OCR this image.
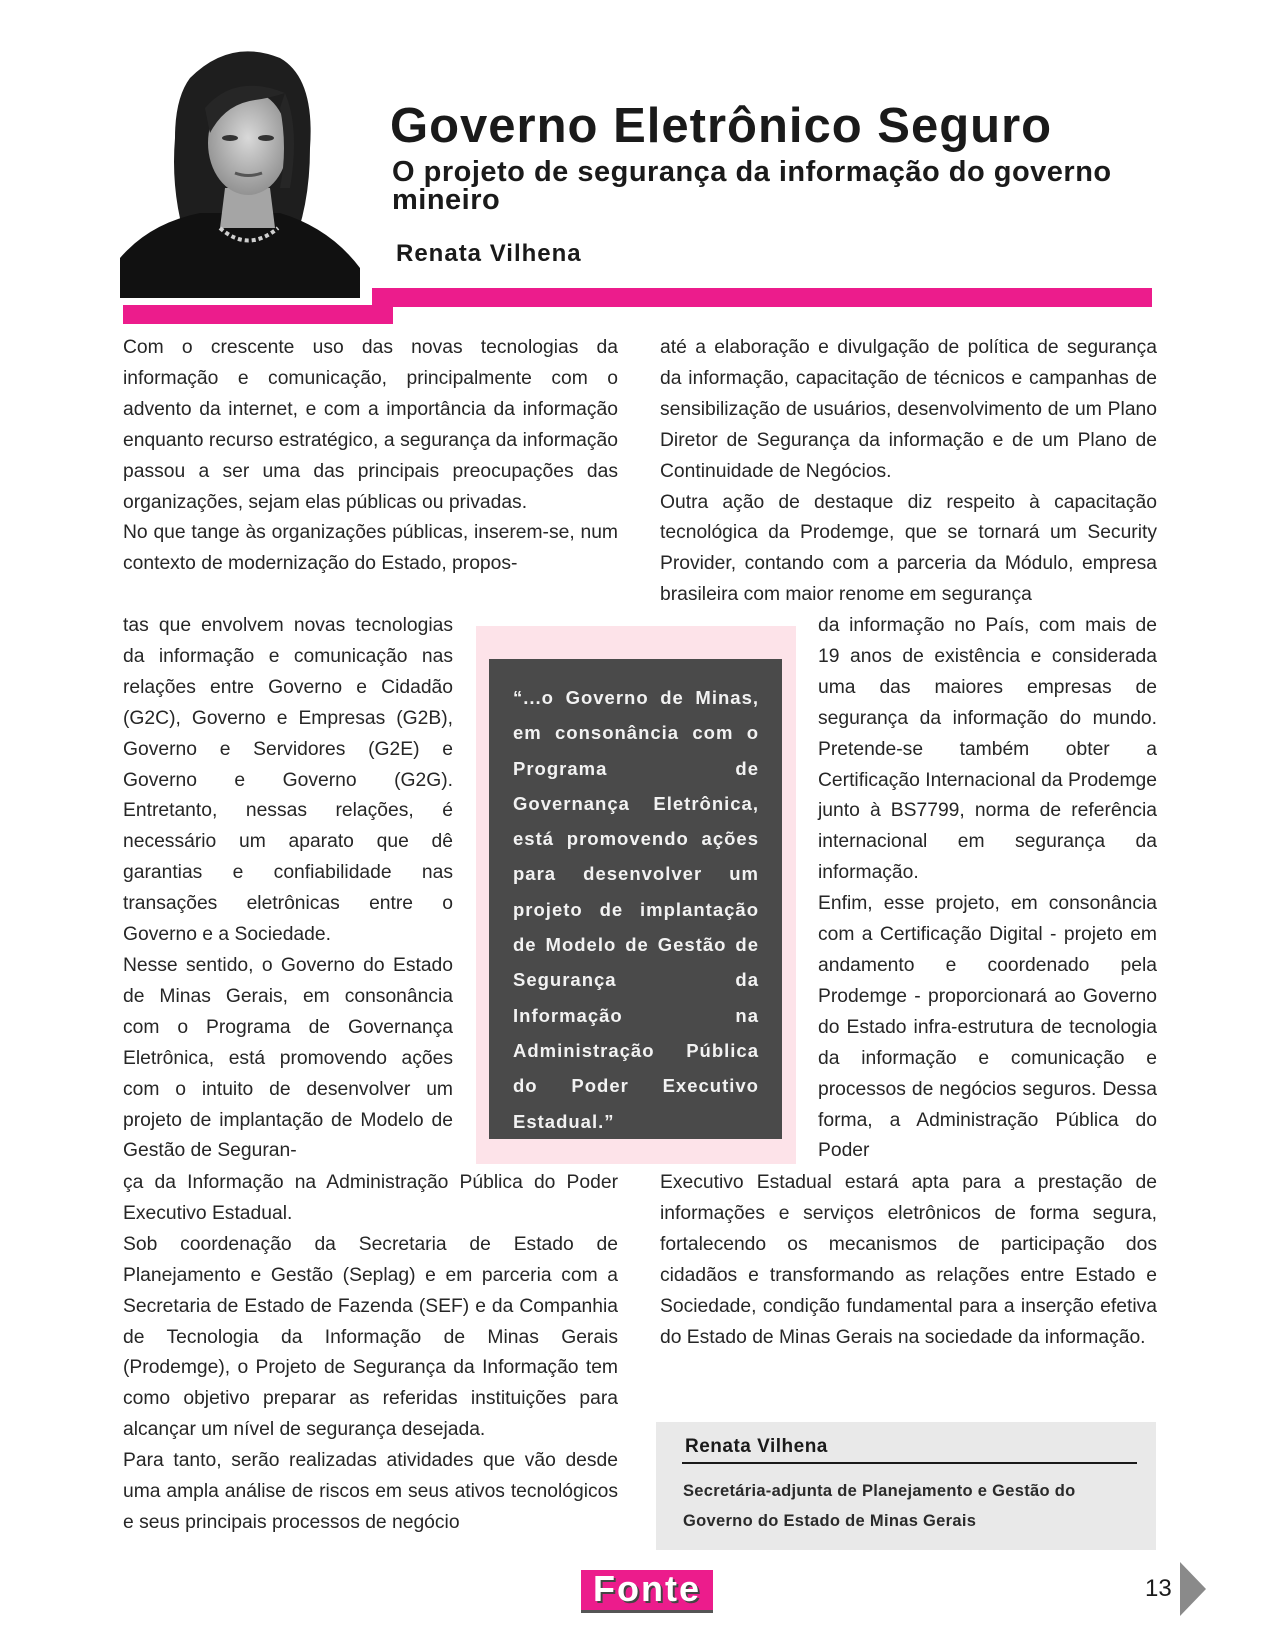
Governo Eletrônico Seguro
O projeto de segurança da informação do governo mineiro
Renata Vilhena

Com o crescente uso das novas tecnologias da informação e comunicação, principalmente com o advento da internet, e com a importância da informação enquanto recurso estratégico, a segurança da informação passou a ser uma das principais preocupações das organizações, sejam elas públicas ou privadas.

No que tange às organizações públicas, inserem-se, num contexto de modernização do Estado, propos-

tas que envolvem novas tecnologias da informação e comunicação nas relações entre Governo e Cidadão (G2C), Governo e Empresas (G2B), Governo e Servidores (G2E) e Governo e Governo (G2G). Entretanto, nessas relações, é necessário um aparato que dê garantias e confiabilidade nas transações eletrônicas entre o Governo e a Sociedade.

Nesse sentido, o Governo do Estado de Minas Gerais, em consonância com o Programa de Governança Eletrônica, está promovendo ações com o intuito de desenvolver um projeto de implantação de Modelo de Gestão de Seguran-

ça da Informação na Administração Pública do Poder Executivo Estadual.

Sob coordenação da Secretaria de Estado de Planejamento e Gestão (Seplag) e em parceria com a Secretaria de Estado de Fazenda (SEF) e da Companhia de Tecnologia da Informação de Minas Gerais (Prodemge), o Projeto de Segurança da Informação tem como objetivo preparar as referidas instituições para alcançar um nível de segurança desejada.

Para tanto, serão realizadas atividades que vão desde uma ampla análise de riscos em seus ativos tecnológicos e seus principais processos de negócio

até a elaboração e divulgação de política de segurança da informação, capacitação de técnicos e campanhas de sensibilização de usuários, desenvolvimento de um Plano Diretor de Segurança da informação e de um Plano de Continuidade de Negócios.

Outra ação de destaque diz respeito à capacitação tecnológica da Prodemge, que se tornará um Security Provider, contando com a parceria da Módulo, empresa brasileira com maior renome em segurança

da informação no País, com mais de 19 anos de existência e considerada uma das maiores empresas de segurança da informação do mundo. Pretende-se também obter a Certificação Internacional da Prodemge junto à BS7799, norma de referência internacional em segurança da informação.

Enfim, esse projeto, em consonância com a Certificação Digital - projeto em andamento e coordenado pela Prodemge - proporcionará ao Governo do Estado infra-estrutura de tecnologia da informação e comunicação e processos de negócios seguros. Dessa forma, a Administração Pública do Poder

Executivo Estadual estará apta para a prestação de informações e serviços eletrônicos de forma segura, fortalecendo os mecanismos de participação dos cidadãos e transformando as relações entre Estado e Sociedade, condição fundamental para a inserção efetiva do Estado de Minas Gerais na sociedade da informação.

“...o Governo de Minas, em consonância com o Programa de Governança Eletrônica, está promovendo ações para desenvolver um projeto de implantação de Modelo de Gestão de Segurança da Informação na Administração Pública do Poder Executivo Estadual.”
Renata Vilhena
Secretária-adjunta de Planejamento e Gestão do Governo do Estado de Minas Gerais
Fonte	13
